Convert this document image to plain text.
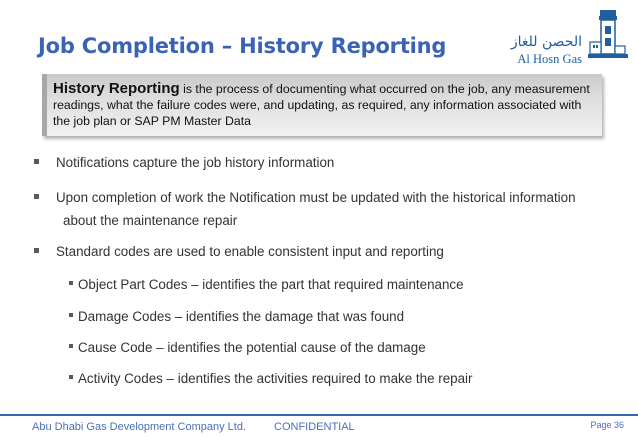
Job Completion – History Reporting	الحصن للغاز
Al Hosn Gas
History Reporting is the process of documenting what occurred on the job, any measurement readings, what the failure codes were, and updating, as required, any information associated with the job plan or SAP PM Master Data
Notifications capture the job history information
Upon completion of work the Notification must be updated with the historical information
about the maintenance repair
Standard codes are used to enable consistent input and reporting
Object Part Codes – identifies the part that required maintenance
Damage Codes – identifies the damage that was found
Cause Code – identifies the potential cause of the damage
Activity Codes – identifies the activities required to make the repair
Abu Dhabi Gas Development Company Ltd.	CONFIDENTIAL	Page 36
